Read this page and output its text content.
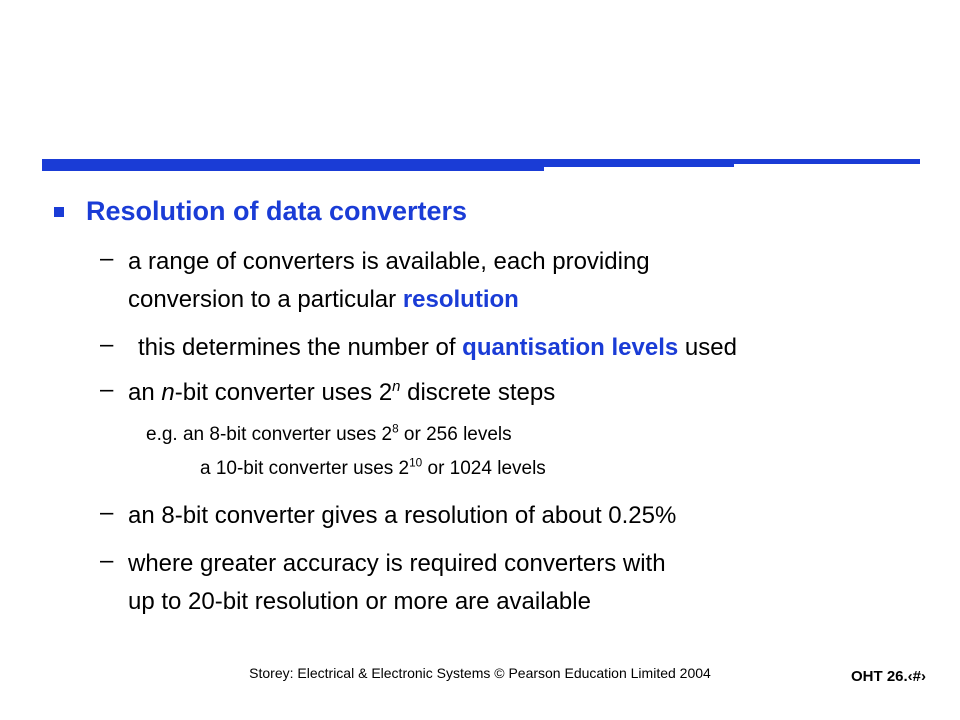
Resolution of data converters
– a range of converters is available, each providing
conversion to a particular resolution
– this determines the number of quantisation levels used
– an n-bit converter uses 2$^n$ discrete steps
e.g. an 8-bit converter uses $2^8$ or 256 levels
a 10-bit converter uses $2^{10}$ or 1024 levels
– an 8-bit converter gives a resolution of about 0.25%
– where greater accuracy is required converters with
up to 20-bit resolution or more are available
Storey: Electrical & Electronic Systems © Pearson Education Limited 2004	OHT 26.‹#›
